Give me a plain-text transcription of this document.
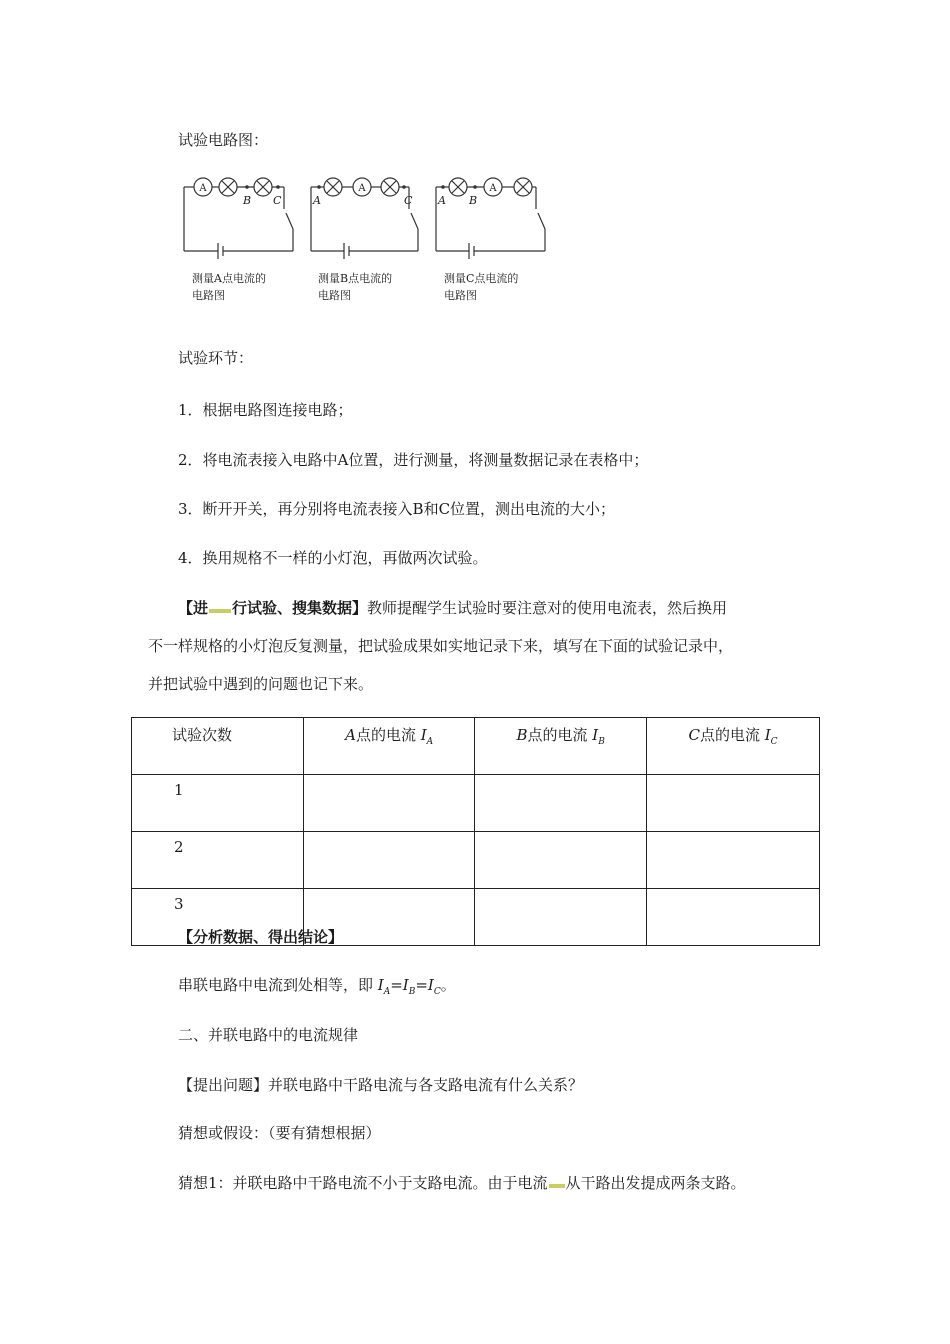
试验电路图：
A	A	A
B C	A	C A B
测量A点电流的
电路图
测量B点电流的
电路图
测量C点电流的
电路图
试验环节：
1．根据电路图连接电路；
2．将电流表接入电路中A位置，进行测量，将测量数据记录在表格中；
3．断开开关，再分别将电流表接入B和C位置，测出电流的大小；
4．换用规格不一样的小灯泡，再做两次试验。
【进 行试验、搜集数据】教师提醒学生试验时要注意对的使用电流表，然后换用
不一样规格的小灯泡反复测量，把试验成果如实地记录下来，填写在下面的试验记录中，
并把试验中遇到的问题也记下来。
试验次数	A点的电流 $I_A$	B点的电流 $I_B$	C点的电流 $I_C$
1			
2			
3			
【分析数据、得出结论】
串联电路中电流到处相等，即 $I_A=I_B=I_C$。
二、并联电路中的电流规律
【提出问题】并联电路中干路电流与各支路电流有什么关系？
猜想或假设：（要有猜想根据）
猜想1：并联电路中干路电流不小于支路电流。由于电流 从干路出发提成两条支路。
